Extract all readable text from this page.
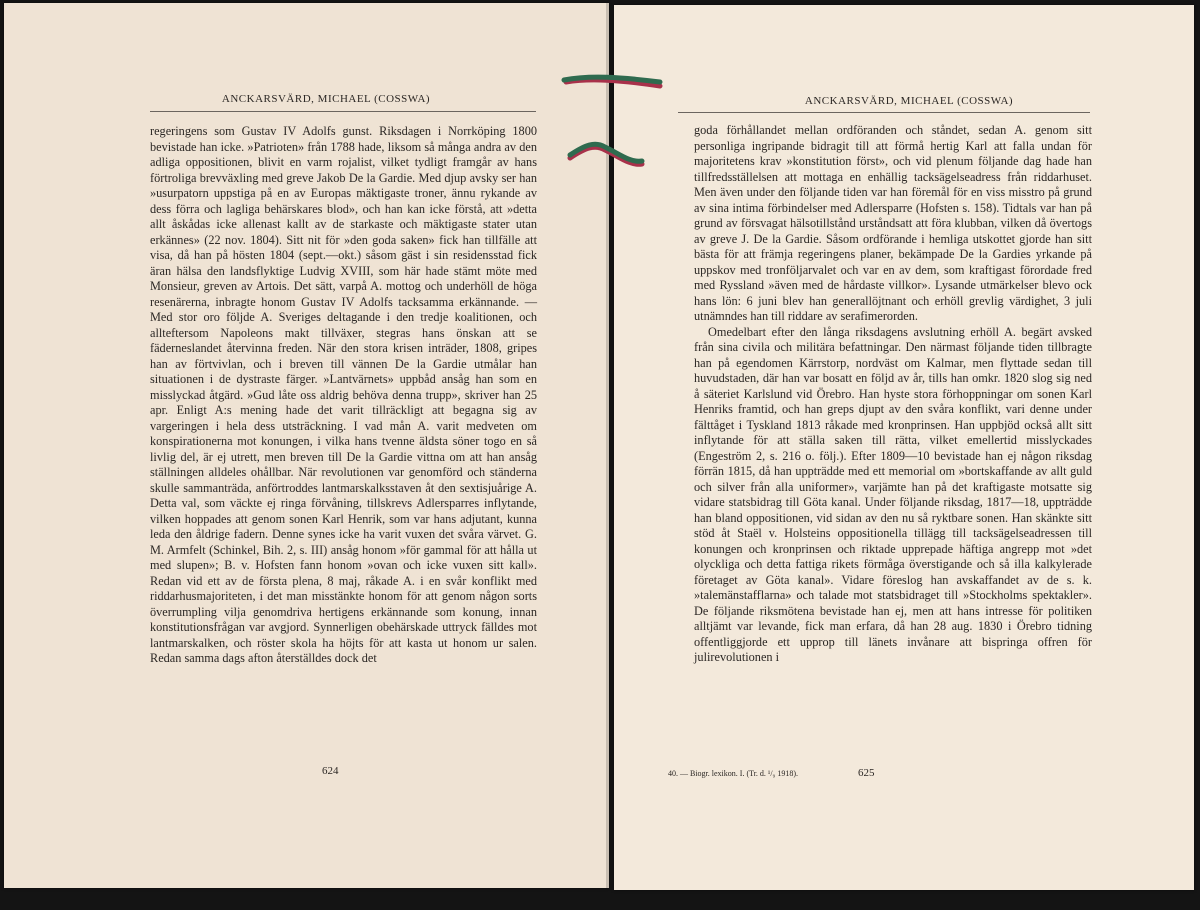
ANCKARSVÄRD, MICHAEL (COSSWA)

regeringens som Gustav IV Adolfs gunst. Riksdagen i Norrköping 1800 bevistade han icke. »Patrioten» från 1788 hade, liksom så många andra av den adliga oppositionen, blivit en varm rojalist, vilket tydligt framgår av hans förtroliga brevväxling med greve Jakob De la Gardie. Med djup avsky ser han »usurpatorn uppstiga på en av Europas mäktigaste troner, ännu rykande av dess förra och lagliga behärskares blod», och han kan icke förstå, att »detta allt åskådas icke allenast kallt av de starkaste och mäktigaste stater utan erkännes» (22 nov. 1804). Sitt nit för »den goda saken» fick han tillfälle att visa, då han på hösten 1804 (sept.—okt.) såsom gäst i sin residensstad fick äran hälsa den landsflyktige Ludvig XVIII, som här hade stämt möte med Monsieur, greven av Artois. Det sätt, varpå A. mottog och underhöll de höga resenärerna, inbragte honom Gustav IV Adolfs tacksamma erkännande. — Med stor oro följde A. Sveriges deltagande i den tredje koalitionen, och allteftersom Napoleons makt tillväxer, stegras hans önskan att se fäderneslandet återvinna freden. När den stora krisen inträder, 1808, gripes han av förtvivlan, och i breven till vännen De la Gardie utmålar han situationen i de dystraste färger. »Lantvärnets» uppbåd ansåg han som en misslyckad åtgärd. »Gud låte oss aldrig behöva denna trupp», skriver han 25 apr. Enligt A:s mening hade det varit tillräckligt att begagna sig av vargeringen i hela dess utsträckning. I vad mån A. varit medveten om konspirationerna mot konungen, i vilka hans tvenne äldsta söner togo en så livlig del, är ej utrett, men breven till De la Gardie vittna om att han ansåg ställningen alldeles ohållbar. När revolutionen var genomförd och ständerna skulle sammanträda, anförtroddes lantmarskalksstaven åt den sextisjuårige A. Detta val, som väckte ej ringa förvåning, tillskrevs Adlersparres inflytande, vilken hoppades att genom sonen Karl Henrik, som var hans adjutant, kunna leda den åldrige fadern. Denne synes icke ha varit vuxen det svåra värvet. G. M. Armfelt (Schinkel, Bih. 2, s. III) ansåg honom »för gammal för att hålla ut med slupen»; B. v. Hofsten fann honom »ovan och icke vuxen sitt kall». Redan vid ett av de första plena, 8 maj, råkade A. i en svår konflikt med riddarhusmajoriteten, i det man misstänkte honom för att genom någon sorts överrumpling vilja genomdriva hertigens erkännande som konung, innan konstitutionsfrågan var avgjord. Synnerligen obehärskade uttryck fälldes mot lantmarskalken, och röster skola ha höjts för att kasta ut honom ur salen. Redan samma dags afton återställdes dock det

624
ANCKARSVÄRD, MICHAEL (COSSWA)

goda förhållandet mellan ordföranden och ståndet, sedan A. genom sitt personliga ingripande bidragit till att förmå hertig Karl att falla undan för majoritetens krav »konstitution först», och vid plenum följande dag hade han tillfredsställelsen att mottaga en enhällig tacksägelseadress från riddarhuset. Men även under den följande tiden var han föremål för en viss misstro på grund av sina intima förbindelser med Adlersparre (Hofsten s. 158). Tidtals var han på grund av försvagat hälsotillstånd urståndsatt att föra klubban, vilken då övertogs av greve J. De la Gardie. Såsom ordförande i hemliga utskottet gjorde han sitt bästa för att främja regeringens planer, bekämpade De la Gardies yrkande på uppskov med tronföljarvalet och var en av dem, som kraftigast förordade fred med Ryssland »även med de hårdaste villkor». Lysande utmärkelser blevo ock hans lön: 6 juni blev han generallöjtnant och erhöll grevlig värdighet, 3 juli utnämndes han till riddare av serafimerorden.

Omedelbart efter den långa riksdagens avslutning erhöll A. begärt avsked från sina civila och militära befattningar. Den närmast följande tiden tillbragte han på egendomen Kärrstorp, nordväst om Kalmar, men flyttade sedan till huvudstaden, där han var bosatt en följd av år, tills han omkr. 1820 slog sig ned å säteriet Karlslund vid Örebro. Han hyste stora förhoppningar om sonen Karl Henriks framtid, och han greps djupt av den svåra konflikt, vari denne under fälttåget i Tyskland 1813 råkade med kronprinsen. Han uppbjöd också allt sitt inflytande för att ställa saken till rätta, vilket emellertid misslyckades (Engeström 2, s. 216 o. följ.). Efter 1809—10 bevistade han ej någon riksdag förrän 1815, då han uppträdde med ett memorial om »bortskaffande av allt guld och silver från alla uniformer», varjämte han på det kraftigaste motsatte sig vidare statsbidrag till Göta kanal. Under följande riksdag, 1817—18, uppträdde han bland oppositionen, vid sidan av den nu så ryktbare sonen. Han skänkte sitt stöd åt Staël v. Holsteins oppositionella tillägg till tacksägelseadressen till konungen och kronprinsen och riktade upprepade häftiga angrepp mot »det olyckliga och detta fattiga rikets förmåga överstigande och så illa kalkylerade företaget av Göta kanal». Vidare föreslog han avskaffandet av de s. k. »talemänstafflarna» och talade mot statsbidraget till »Stockholms spektakler». De följande riksmötena bevistade han ej, men att hans intresse för politiken alltjämt var levande, fick man erfara, då han 28 aug. 1830 i Örebro tidning offentliggjorde ett upprop till länets invånare att bispringa offren för julirevolutionen i

40. — Biogr. lexikon. I. (Tr. d. ¹/₉ 1918).	625
